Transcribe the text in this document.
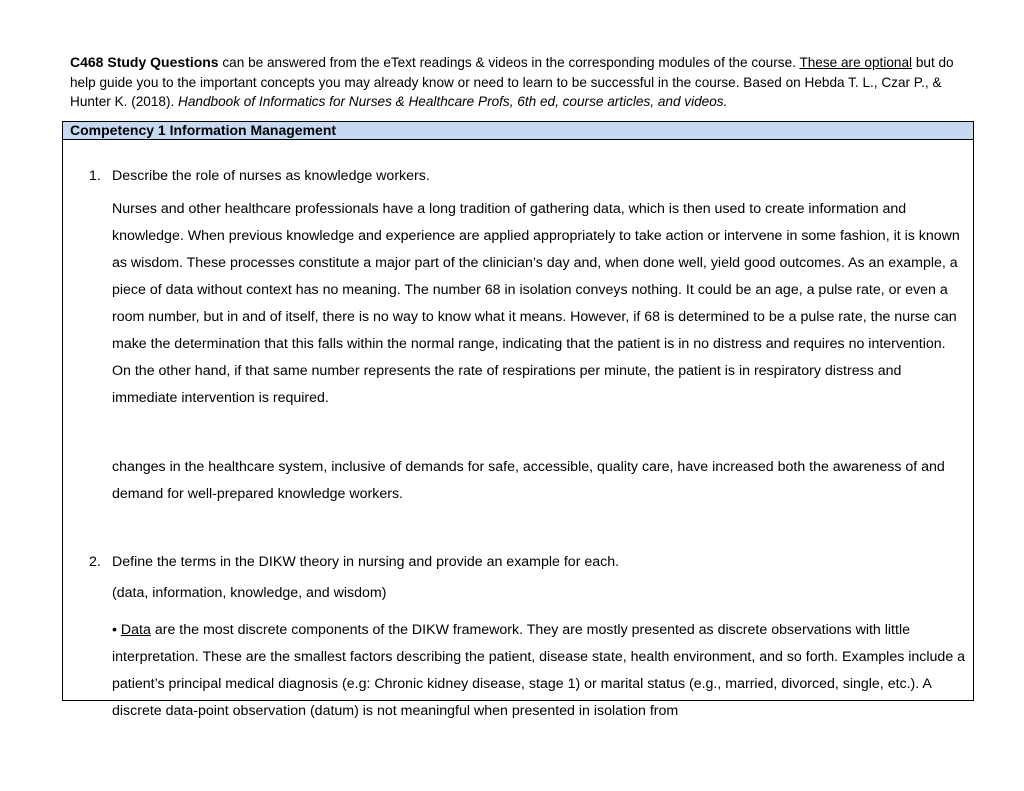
C468 Study Questions can be answered from the eText readings & videos in the corresponding modules of the course. These are optional but do help guide you to the important concepts you may already know or need to learn to be successful in the course. Based on Hebda T. L., Czar P., & Hunter K. (2018). Handbook of Informatics for Nurses & Healthcare Profs, 6th ed, course articles, and videos.
Competency 1 Information Management
1. Describe the role of nurses as knowledge workers.
Nurses and other healthcare professionals have a long tradition of gathering data, which is then used to create information and knowledge. When previous knowledge and experience are applied appropriately to take action or intervene in some fashion, it is known as wisdom. These processes constitute a major part of the clinician’s day and, when done well, yield good outcomes. As an example, a piece of data without context has no meaning. The number 68 in isolation conveys nothing. It could be an age, a pulse rate, or even a room number, but in and of itself, there is no way to know what it means. However, if 68 is determined to be a pulse rate, the nurse can make the determination that this falls within the normal range, indicating that the patient is in no distress and requires no intervention. On the other hand, if that same number represents the rate of respirations per minute, the patient is in respiratory distress and immediate intervention is required.
changes in the healthcare system, inclusive of demands for safe, accessible, quality care, have increased both the awareness of and demand for well-prepared knowledge workers.
2. Define the terms in the DIKW theory in nursing and provide an example for each.
(data, information, knowledge, and wisdom)
• Data are the most discrete components of the DIKW framework. They are mostly presented as discrete observations with little interpretation. These are the smallest factors describing the patient, disease state, health environment, and so forth. Examples include a patient’s principal medical diagnosis (e.g: Chronic kidney disease, stage 1) or marital status (e.g., married, divorced, single, etc.). A discrete data-point observation (datum) is not meaningful when presented in isolation from
